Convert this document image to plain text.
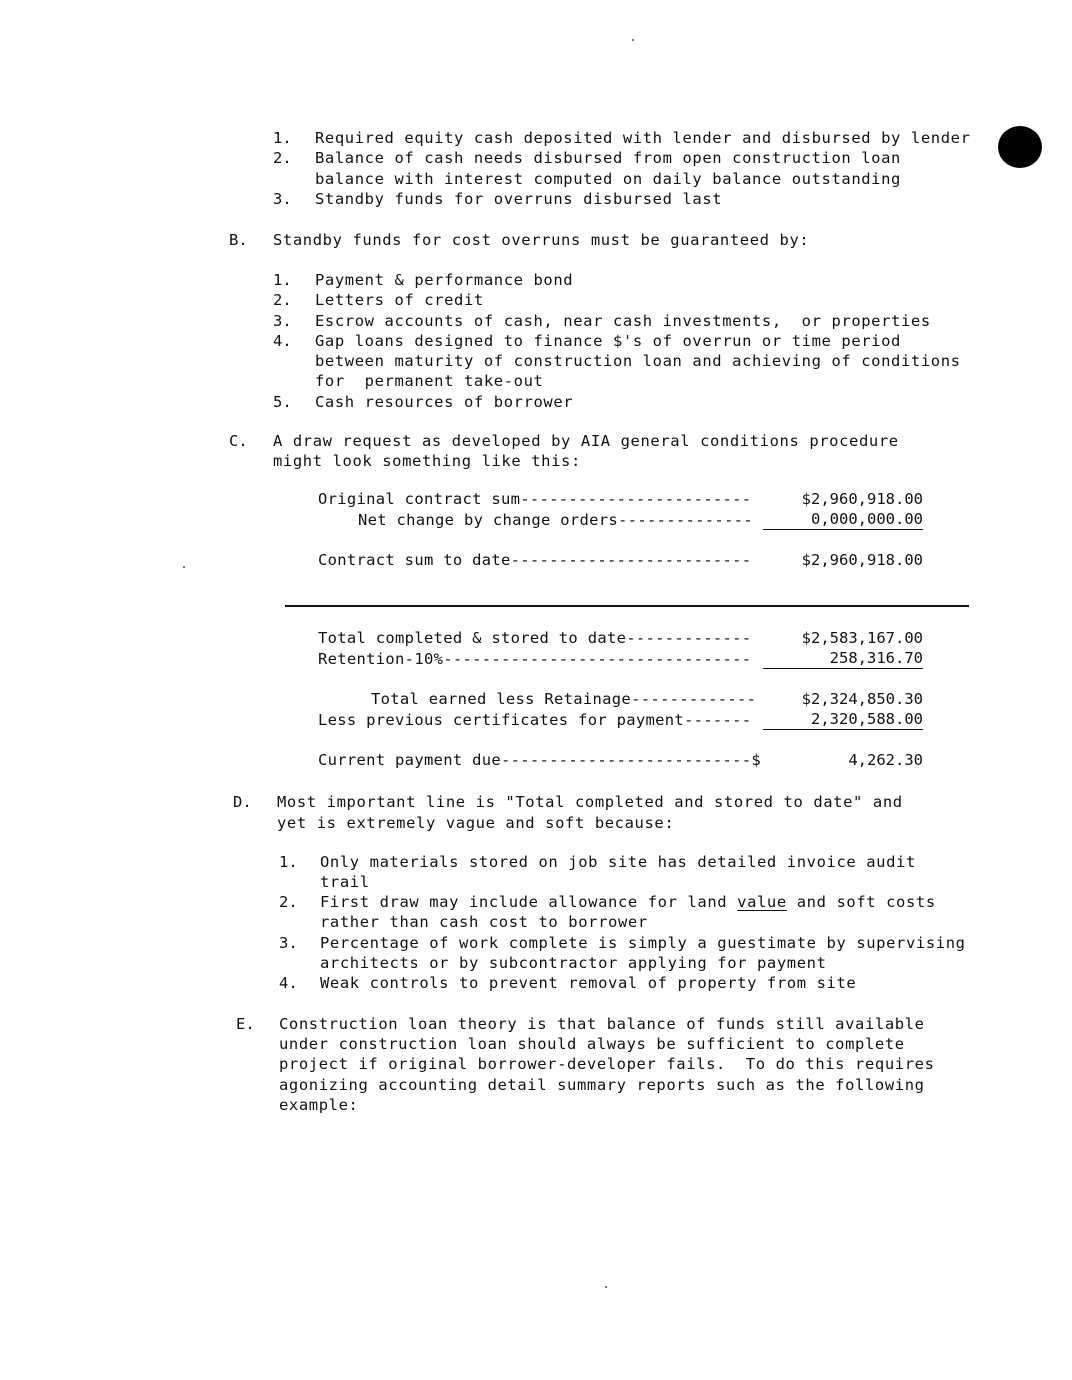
1. Required equity cash deposited with lender and disbursed by lender
2. Balance of cash needs disbursed from open construction loan
balance with interest computed on daily balance outstanding
3. Standby funds for overruns disbursed last
B. Standby funds for cost overruns must be guaranteed by:
1. Payment & performance bond
2. Letters of credit
3. Escrow accounts of cash, near cash investments,  or properties
4. Gap loans designed to finance $'s of overrun or time period
between maturity of construction loan and achieving of conditions
for  permanent take-out
5. Cash resources of borrower
C. A draw request as developed by AIA general conditions procedure
might look something like this:
Original contract sum------------------------	$2,960,918.00
Net change by change orders--------------	0,000,000.00
Contract sum to date-------------------------	$2,960,918.00
Total completed & stored to date-------------	$2,583,167.00
Retention-10%--------------------------------	258,316.70
Total earned less Retainage-------------	$2,324,850.30
Less previous certificates for payment-------	2,320,588.00
Current payment due--------------------------$	4,262.30
D. Most important line is "Total completed and stored to date" and
yet is extremely vague and soft because:
1. Only materials stored on job site has detailed invoice audit
trail
2. First draw may include allowance for land value and soft costs
rather than cash cost to borrower
3. Percentage of work complete is simply a guestimate by supervising
architects or by subcontractor applying for payment
4. Weak controls to prevent removal of property from site
E. Construction loan theory is that balance of funds still available
under construction loan should always be sufficient to complete
project if original borrower-developer fails.  To do this requires
agonizing accounting detail summary reports such as the following
example:
